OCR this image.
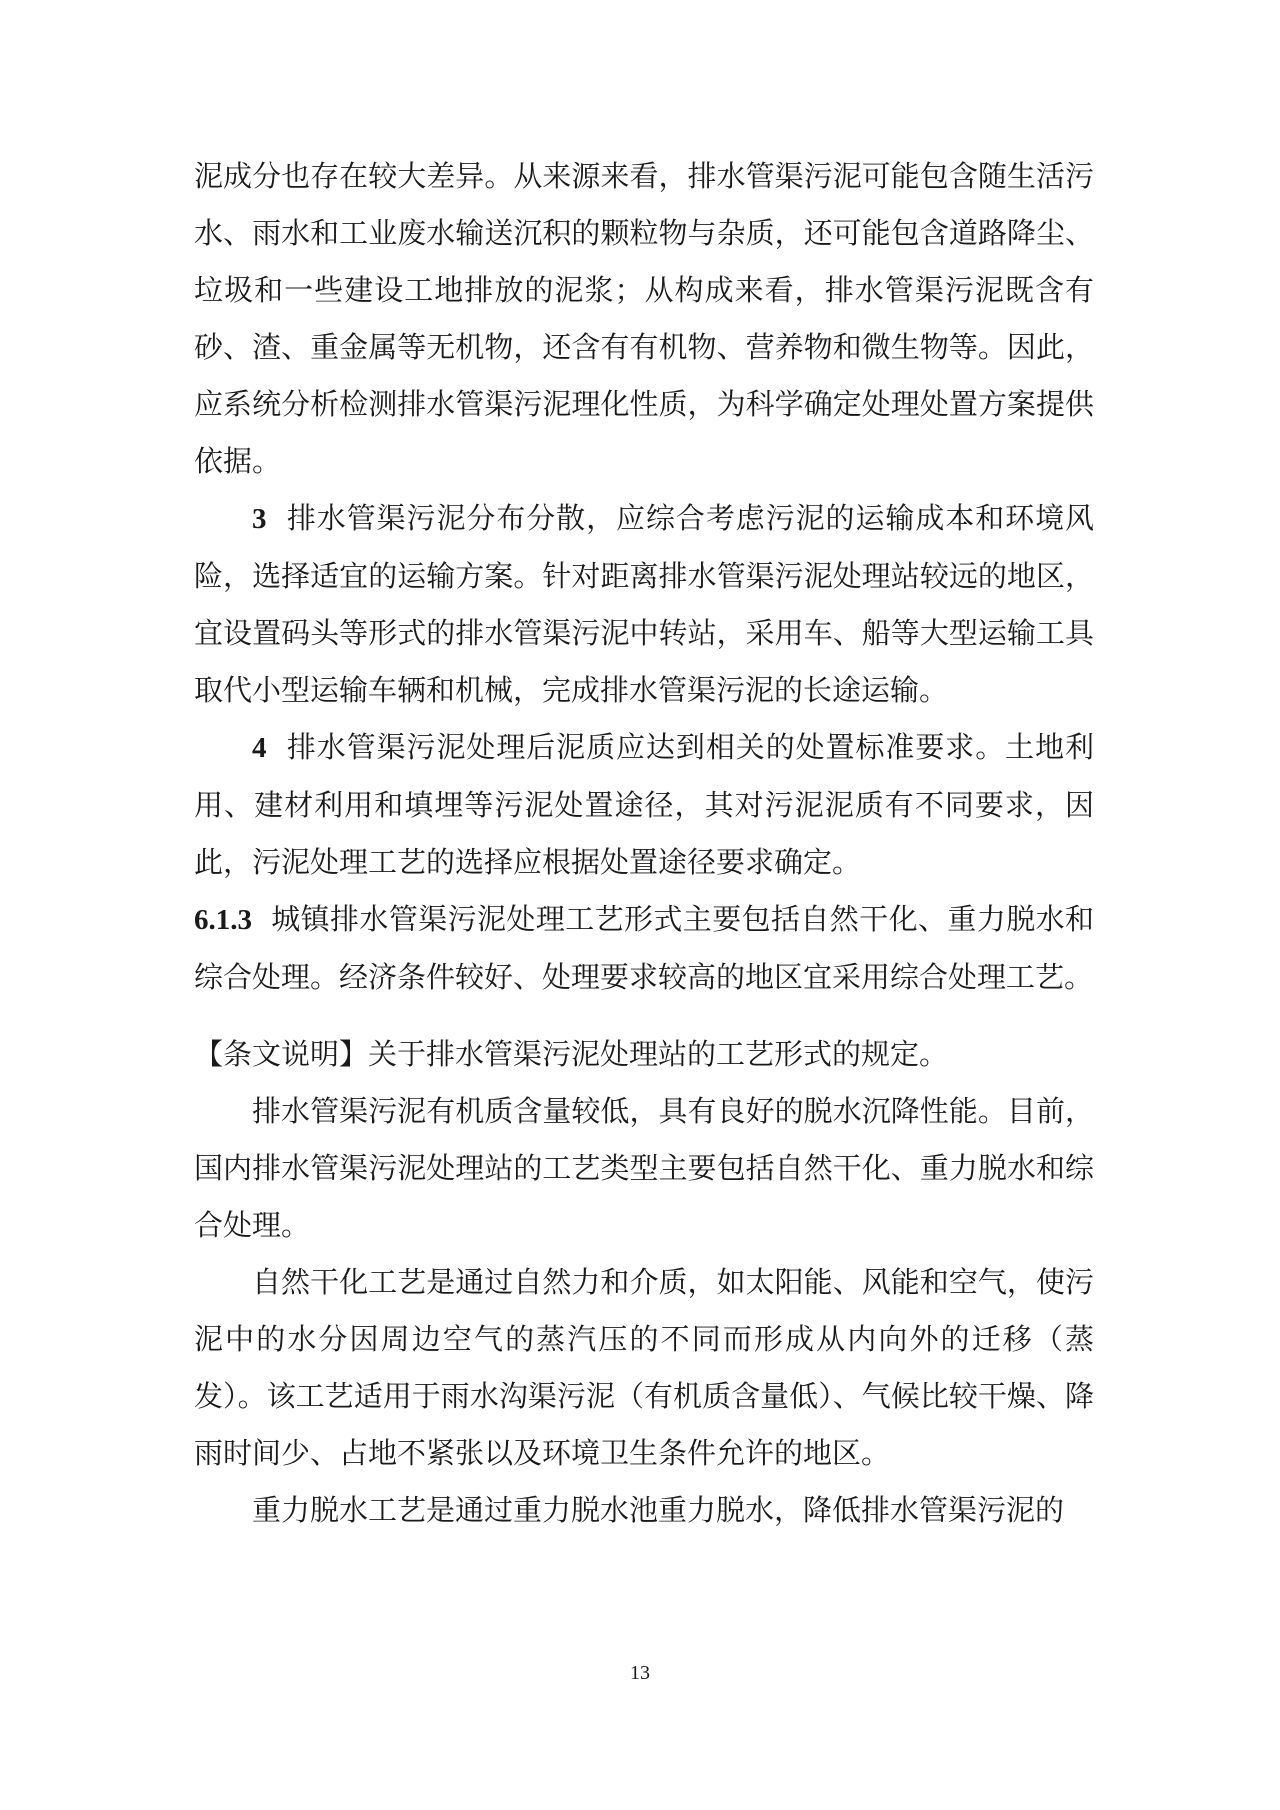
泥成分也存在较大差异。从来源来看，排水管渠污泥可能包含随生活污水、雨水和工业废水输送沉积的颗粒物与杂质，还可能包含道路降尘、垃圾和一些建设工地排放的泥浆；从构成来看，排水管渠污泥既含有砂、渣、重金属等无机物，还含有有机物、营养物和微生物等。因此，应系统分析检测排水管渠污泥理化性质，为科学确定处理处置方案提供依据。

3 排水管渠污泥分布分散，应综合考虑污泥的运输成本和环境风险，选择适宜的运输方案。针对距离排水管渠污泥处理站较远的地区，宜设置码头等形式的排水管渠污泥中转站，采用车、船等大型运输工具取代小型运输车辆和机械，完成排水管渠污泥的长途运输。

4 排水管渠污泥处理后泥质应达到相关的处置标准要求。土地利用、建材利用和填埋等污泥处置途径，其对污泥泥质有不同要求，因此，污泥处理工艺的选择应根据处置途径要求确定。

6.1.3 城镇排水管渠污泥处理工艺形式主要包括自然干化、重力脱水和综合处理。经济条件较好、处理要求较高的地区宜采用综合处理工艺。

【条文说明】关于排水管渠污泥处理站的工艺形式的规定。

排水管渠污泥有机质含量较低，具有良好的脱水沉降性能。目前，国内排水管渠污泥处理站的工艺类型主要包括自然干化、重力脱水和综合处理。

自然干化工艺是通过自然力和介质，如太阳能、风能和空气，使污泥中的水分因周边空气的蒸汽压的不同而形成从内向外的迁移（蒸发）。该工艺适用于雨水沟渠污泥（有机质含量低）、气候比较干燥、降雨时间少、占地不紧张以及环境卫生条件允许的地区。

重力脱水工艺是通过重力脱水池重力脱水，降低排水管渠污泥的

13
